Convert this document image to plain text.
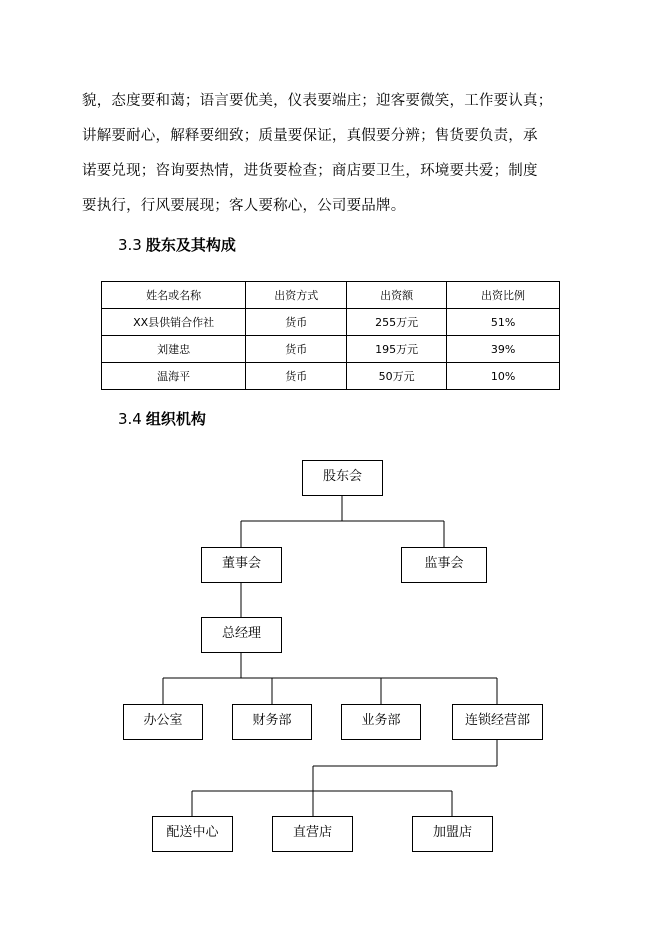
貌，态度要和蔼；语言要优美，仪表要端庄；迎客要微笑，工作要认真；
讲解要耐心，解释要细致；质量要保证，真假要分辨；售货要负责，承
诺要兑现；咨询要热情，进货要检查；商店要卫生，环境要共爱；制度
要执行，行风要展现；客人要称心，公司要品牌。
3.3 股东及其构成
姓名或名称	出资方式	出资额	出资比例
XX县供销合作社	货币	255万元	51%
刘建忠	货币	195万元	39%
温海平	货币	50万元	10%
3.4 组织机构
股东会
董事会	监事会
总经理
办公室	财务部	业务部	连锁经营部
配送中心	直营店	加盟店
